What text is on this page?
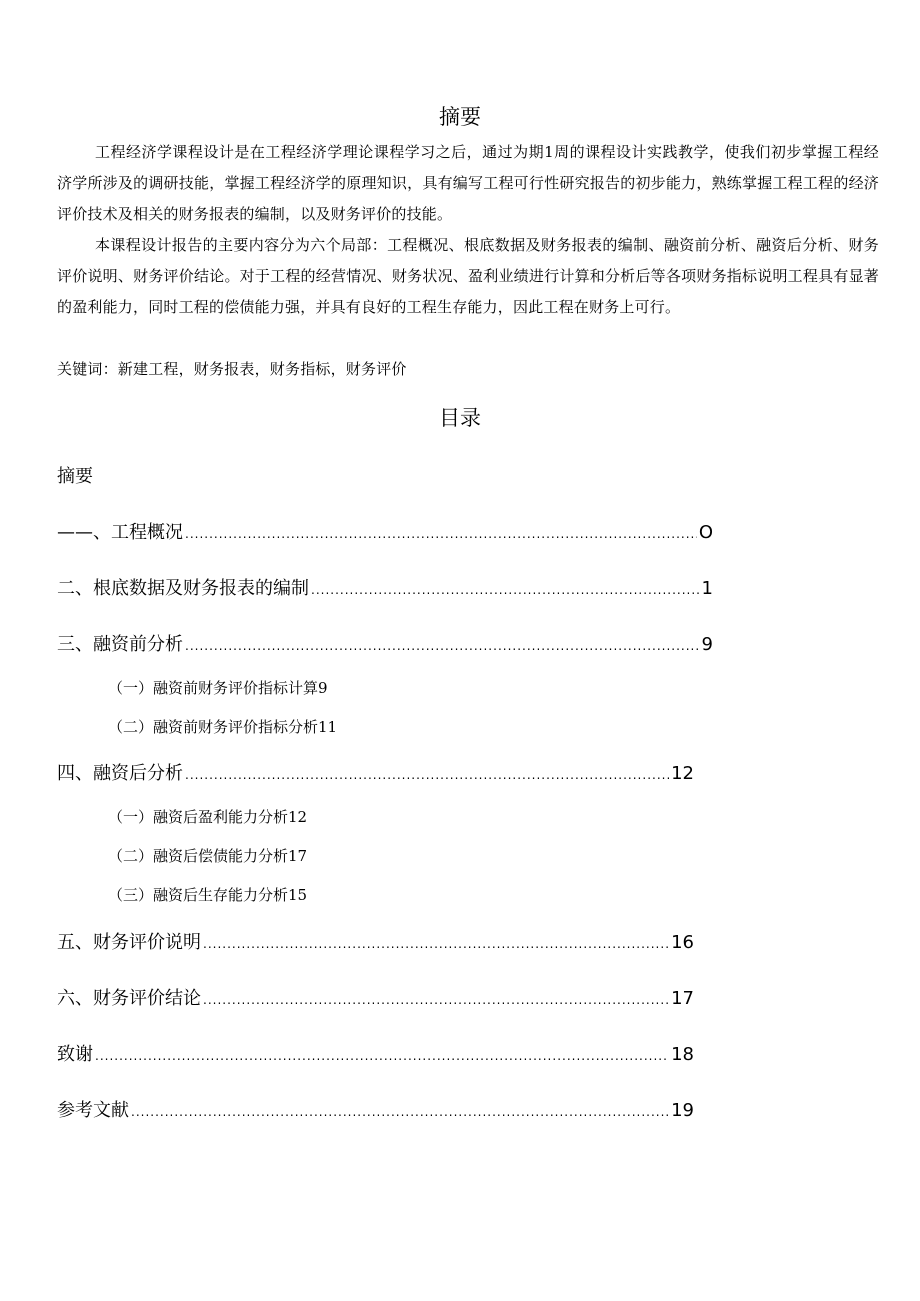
摘要
工程经济学课程设计是在工程经济学理论课程学习之后，通过为期1周的课程设计实践教学，使我们初步掌握工程经济学所涉及的调研技能，掌握工程经济学的原理知识，具有编写工程可行性研究报告的初步能力，熟练掌握工程工程的经济评价技术及相关的财务报表的编制，以及财务评价的技能。
本课程设计报告的主要内容分为六个局部：工程概况、根底数据及财务报表的编制、融资前分析、融资后分析、财务评价说明、财务评价结论。对于工程的经营情况、财务状况、盈利业绩进行计算和分析后等各项财务指标说明工程具有显著的盈利能力，同时工程的偿债能力强，并具有良好的工程生存能力，因此工程在财务上可行。
关键词：新建工程，财务报表，财务指标，财务评价
目录
摘要
——、工程概况 .....	O
二、根底数据及财务报表的编制 .....	1
三、融资前分析 .....	9
（一）融资前财务评价指标计算9
（二）融资前财务评价指标分析11
四、融资后分析 .....	12
（一）融资后盈利能力分析12
（二）融资后偿债能力分析17
（三）融资后生存能力分析15
五、财务评价说明 .....	16
六、财务评价结论 .....	17
致谢 .....	18
参考文献 .....	19
